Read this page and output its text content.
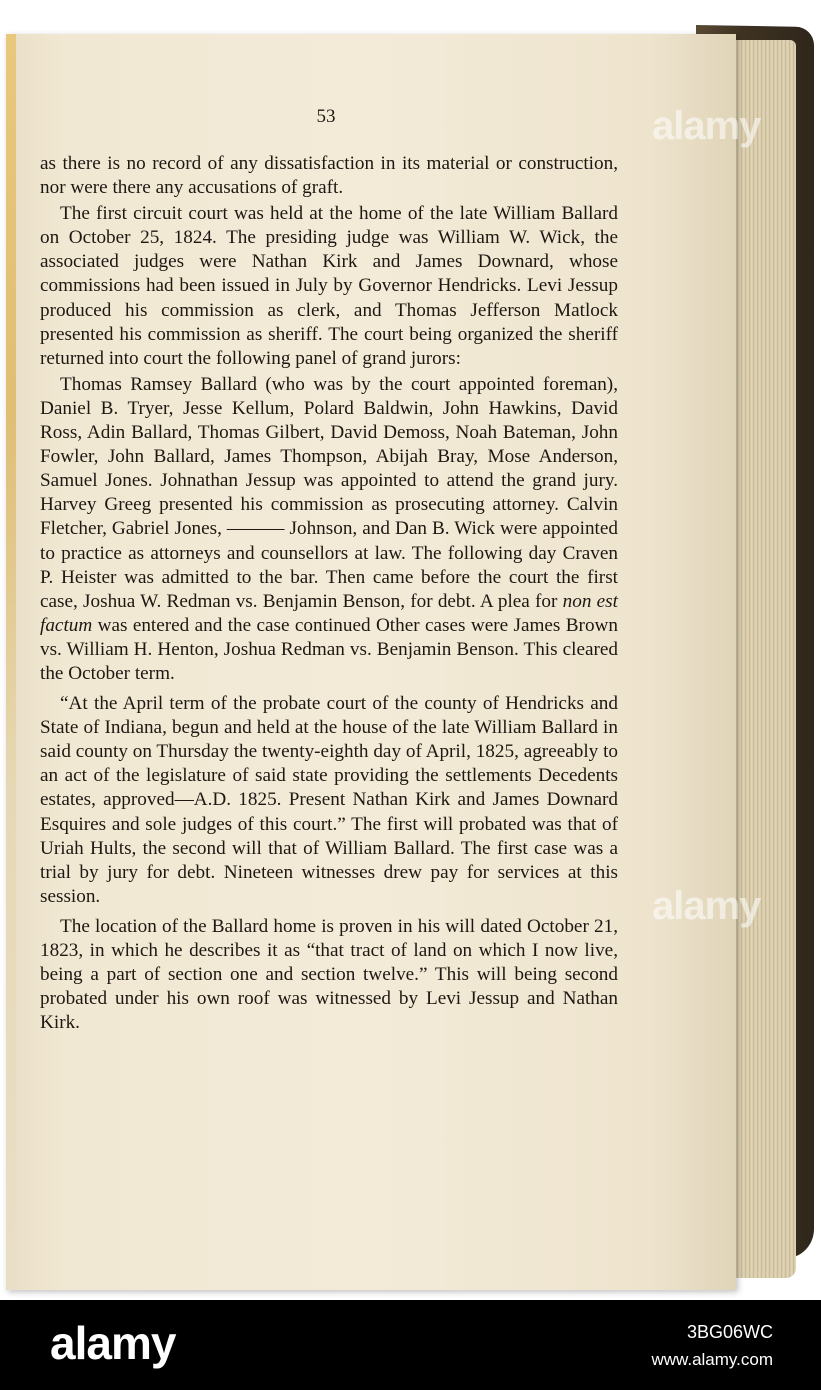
53

as there is no record of any dissatisfaction in its material or construction, nor were there any accusations of graft.

The first circuit court was held at the home of the late William Ballard on October 25, 1824. The presiding judge was William W. Wick, the associated judges were Nathan Kirk and James Downard, whose commissions had been issued in July by Governor Hendricks. Levi Jessup produced his commission as clerk, and Thomas Jefferson Matlock presented his commission as sheriff. The court being organized the sheriff returned into court the following panel of grand jurors:

Thomas Ramsey Ballard (who was by the court appointed foreman), Daniel B. Tryer, Jesse Kellum, Polard Baldwin, John Hawkins, David Ross, Adin Ballard, Thomas Gilbert, David Demoss, Noah Bateman, John Fowler, John Ballard, James Thompson, Abijah Bray, Mose Anderson, Samuel Jones. Johnathan Jessup was appointed to attend the grand jury. Harvey Greeg presented his commission as prosecuting attorney. Calvin Fletcher, Gabriel Jones, ——— Johnson, and Dan B. Wick were appointed to practice as attorneys and counsellors at law. The following day Craven P. Heister was admitted to the bar. Then came before the court the first case, Joshua W. Redman vs. Benjamin Benson, for debt. A plea for non est factum was entered and the case continued Other cases were James Brown vs. William H. Henton, Joshua Redman vs. Benjamin Benson. This cleared the October term.

“At the April term of the probate court of the county of Hendricks and State of Indiana, begun and held at the house of the late William Ballard in said county on Thursday the twenty-eighth day of April, 1825, agreeably to an act of the legislature of said state providing the settlements Decedents estates, approved—A.D. 1825. Present Nathan Kirk and James Downard Esquires and sole judges of this court.” The first will probated was that of Uriah Hults, the second will that of William Ballard. The first case was a trial by jury for debt. Nineteen witnesses drew pay for services at this session.

The location of the Ballard home is proven in his will dated October 21, 1823, in which he describes it as “that tract of land on which I now live, being a part of section one and section twelve.” This will being second probated under his own roof was witnessed by Levi Jessup and Nathan Kirk.

alamy
alamy
alamy	3BG06WC
www.alamy.com
